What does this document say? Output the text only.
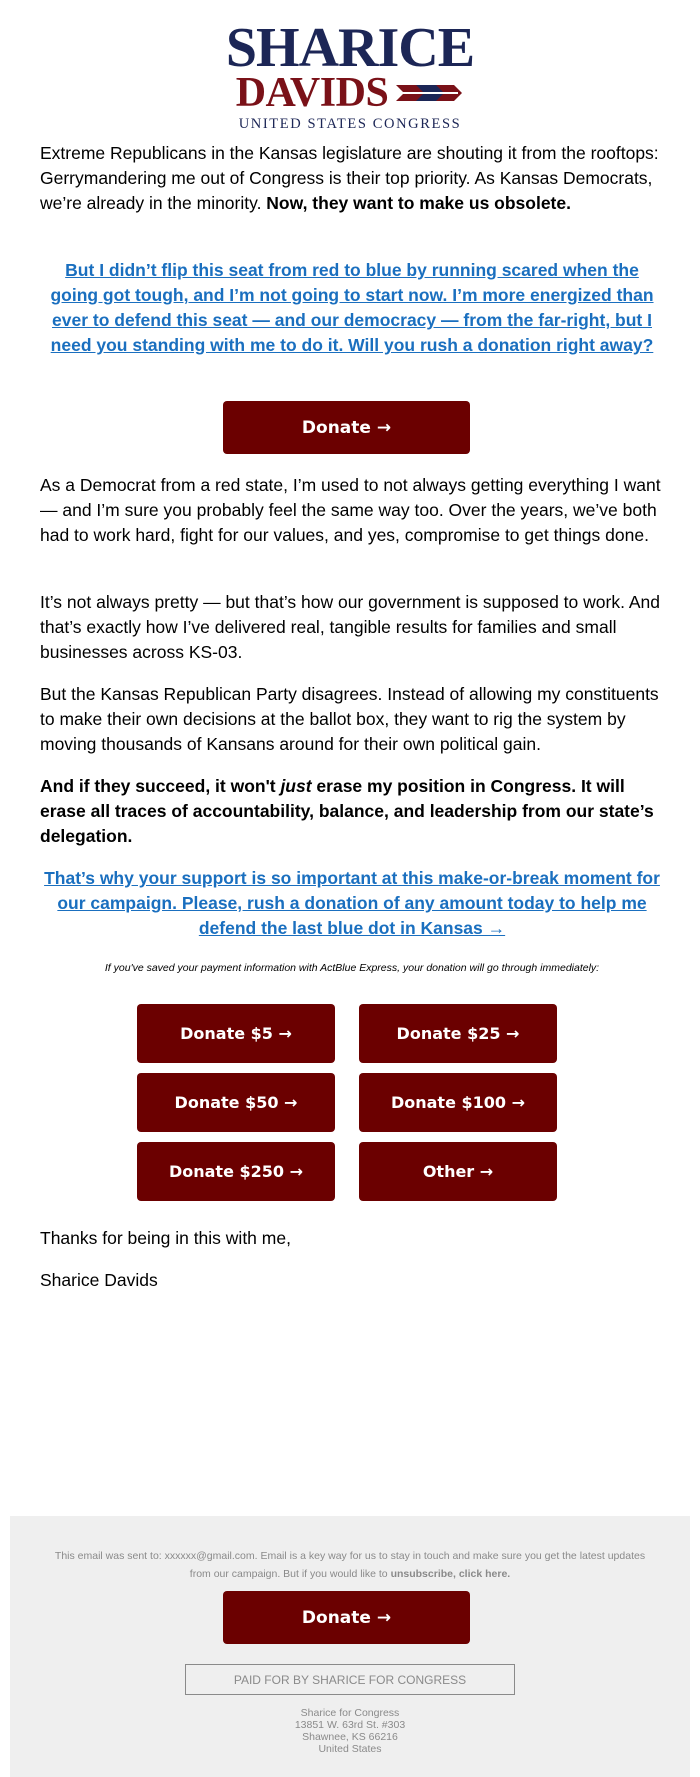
SHARICE
DAVIDS
UNITED STATES CONGRESS

Extreme Republicans in the Kansas legislature are shouting it from the rooftops: Gerrymandering me out of Congress is their top priority. As Kansas Democrats, we’re already in the minority. Now, they want to make us obsolete.

But I didn’t flip this seat from red to blue by running scared when the going got tough, and I’m not going to start now. I’m more energized than ever to defend this seat — and our democracy — from the far-right, but I need you standing with me to do it. Will you rush a donation right away?

Donate →

As a Democrat from a red state, I’m used to not always getting everything I want — and I’m sure you probably feel the same way too. Over the years, we’ve both had to work hard, fight for our values, and yes, compromise to get things done.

It’s not always pretty — but that’s how our government is supposed to work. And that’s exactly how I’ve delivered real, tangible results for families and small businesses across KS-03.

But the Kansas Republican Party disagrees. Instead of allowing my constituents to make their own decisions at the ballot box, they want to rig the system by moving thousands of Kansans around for their own political gain.

And if they succeed, it won't just erase my position in Congress. It will erase all traces of accountability, balance, and leadership from our state’s delegation.

That’s why your support is so important at this make-or-break moment for our campaign. Please, rush a donation of any amount today to help me defend the last blue dot in Kansas →

If you've saved your payment information with ActBlue Express, your donation will go through immediately:
Donate $5 →	Donate $25 →
Donate $50 →	Donate $100 →
Donate $250 →	Other →

Thanks for being in this with me,

Sharice Davids

This email was sent to: xxxxxx@gmail.com. Email is a key way for us to stay in touch and make sure you get the latest updates from our campaign. But if you would like to unsubscribe, click here.
Donate →
PAID FOR BY SHARICE FOR CONGRESS
Sharice for Congress
13851 W. 63rd St. #303
Shawnee, KS 66216
United States
